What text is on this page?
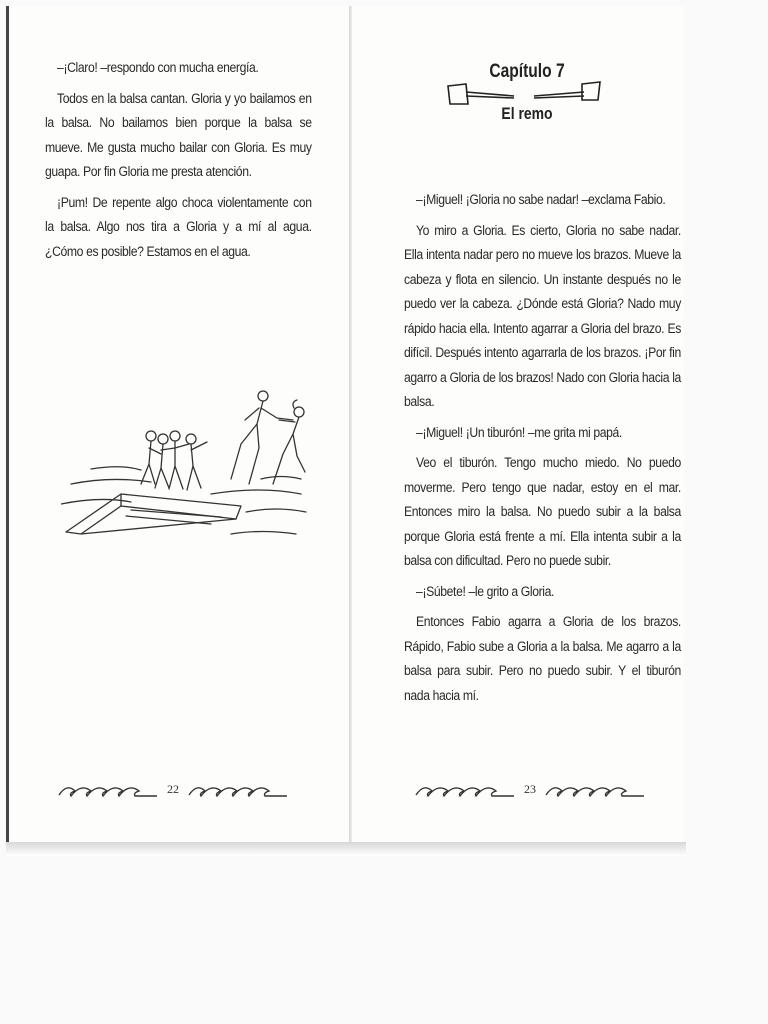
–¡Claro! –respondo con mucha energía.

Todos en la balsa cantan. Gloria y yo bailamos en la balsa. No bailamos bien porque la balsa se mueve. Me gusta mucho bailar con Gloria. Es muy guapa. Por fin Gloria me presta atención.

¡Pum! De repente algo choca violentamente con la balsa. Algo nos tira a Gloria y a mí al agua. ¿Cómo es posible? Estamos en el agua.

22
Capítulo 7
El remo

–¡Miguel! ¡Gloria no sabe nadar! –exclama Fabio.

Yo miro a Gloria. Es cierto, Gloria no sabe nadar. Ella intenta nadar pero no mueve los brazos. Mueve la cabeza y flota en silencio. Un instante después no le puedo ver la cabeza. ¿Dónde está Gloria? Nado muy rápido hacia ella. Intento agarrar a Gloria del brazo. Es difícil. Después intento agarrarla de los brazos. ¡Por fin agarro a Gloria de los brazos! Nado con Gloria hacia la balsa.

–¡Miguel! ¡Un tiburón! –me grita mi papá.

Veo el tiburón. Tengo mucho miedo. No puedo moverme. Pero tengo que nadar, estoy en el mar. Entonces miro la balsa. No puedo subir a la balsa porque Gloria está frente a mí. Ella intenta subir a la balsa con dificultad. Pero no puede subir.

–¡Súbete! –le grito a Gloria.

Entonces Fabio agarra a Gloria de los brazos. Rápido, Fabio sube a Gloria a la balsa. Me agarro a la balsa para subir. Pero no puedo subir. Y el tiburón nada hacia mí.

23
